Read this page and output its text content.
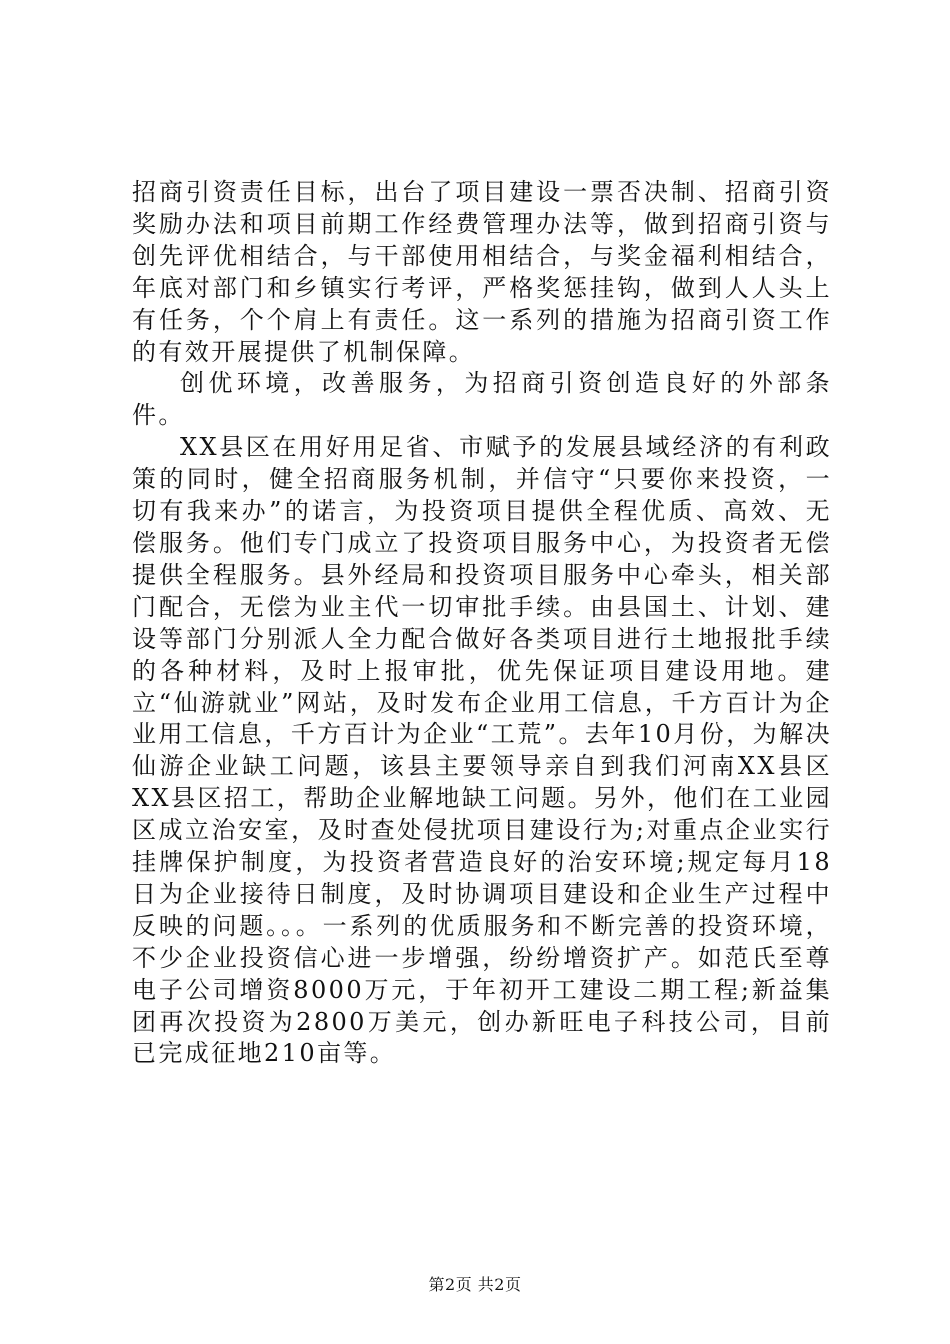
招商引资责任目标，出台了项目建设一票否决制、招商引资奖励办法和项目前期工作经费管理办法等，做到招商引资与创先评优相结合，与干部使用相结合，与奖金福利相结合，年底对部门和乡镇实行考评，严格奖惩挂钩，做到人人头上有任务，个个肩上有责任。这一系列的措施为招商引资工作的有效开展提供了机制保障。

创优环境，改善服务，为招商引资创造良好的外部条件。

XX县区在用好用足省、市赋予的发展县域经济的有利政策的同时，健全招商服务机制，并信守“只要你来投资，一切有我来办”的诺言，为投资项目提供全程优质、高效、无偿服务。他们专门成立了投资项目服务中心，为投资者无偿提供全程服务。县外经局和投资项目服务中心牵头，相关部门配合，无偿为业主代一切审批手续。由县国土、计划、建设等部门分别派人全力配合做好各类项目进行土地报批手续的各种材料，及时上报审批，优先保证项目建设用地。建立“仙游就业”网站，及时发布企业用工信息，千方百计为企业用工信息，千方百计为企业“工荒”。去年10月份，为解决仙游企业缺工问题，该县主要领导亲自到我们河南XX县区XX县区招工，帮助企业解地缺工问题。另外，他们在工业园区成立治安室，及时查处侵扰项目建设行为;对重点企业实行挂牌保护制度，为投资者营造良好的治安环境;规定每月18日为企业接待日制度，及时协调项目建设和企业生产过程中反映的问题。。。一系列的优质服务和不断完善的投资环境，不少企业投资信心进一步增强，纷纷增资扩产。如范氏至尊电子公司增资8000万元，于年初开工建设二期工程;新益集团再次投资为2800万美元，创办新旺电子科技公司，目前已完成征地210亩等。

第2页 共2页
